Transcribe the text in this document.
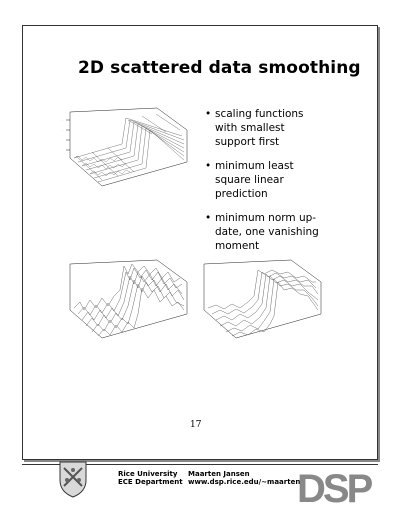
2D scattered data smoothing
·
·
• scaling functions with smallest support first
• minimum least square linear prediction
• minimum norm up-date, one vanishing moment
17
Rice University
ECE Department
Maarten Jansen
www.dsp.rice.edu/~maarten
DSP
